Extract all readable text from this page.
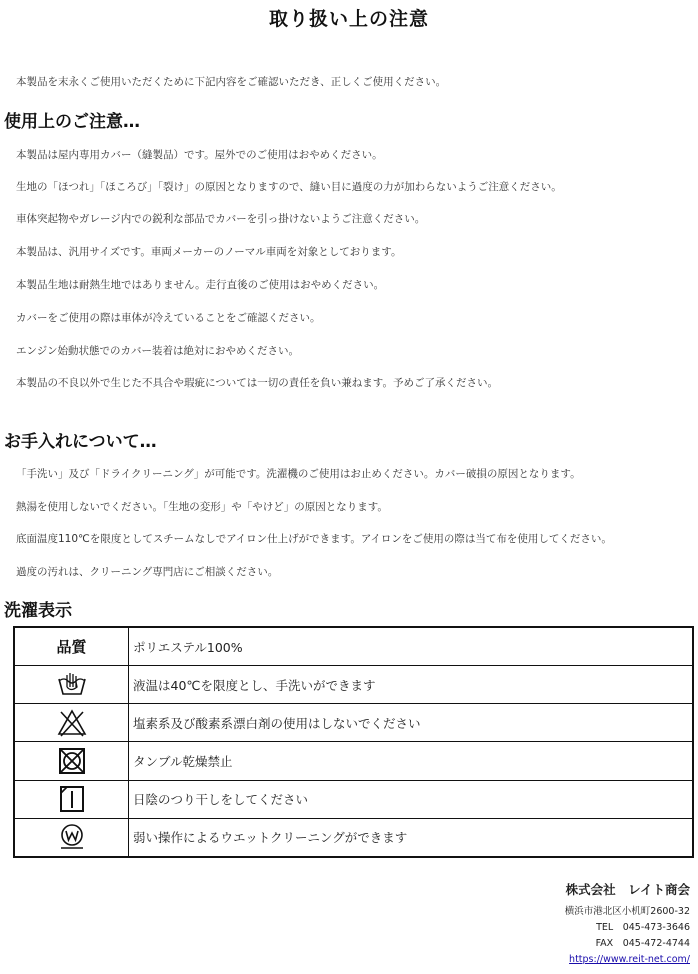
取り扱い上の注意
本製品を末永くご使用いただくために下記内容をご確認いただき、正しくご使用ください。
使用上のご注意…
本製品は屋内専用カバー（縫製品）です。屋外でのご使用はおやめください。
生地の「ほつれ」「ほころび」「裂け」の原因となりますので、縫い目に過度の力が加わらないようご注意ください。
車体突起物やガレージ内での鋭利な部品でカバーを引っ掛けないようご注意ください。
本製品は、汎用サイズです。車両メーカーのノーマル車両を対象としております。
本製品生地は耐熱生地ではありません。走行直後のご使用はおやめください。
カバーをご使用の際は車体が冷えていることをご確認ください。
エンジン始動状態でのカバー装着は絶対におやめください。
本製品の不良以外で生じた不具合や瑕疵については一切の責任を負い兼ねます。予めご了承ください。
お手入れについて…
「手洗い」及び「ドライクリーニング」が可能です。洗濯機のご使用はお止めください。カバー破損の原因となります。
熱湯を使用しないでください。「生地の変形」や「やけど」の原因となります。
底面温度110℃を限度としてスチームなしでアイロン仕上げができます。アイロンをご使用の際は当て布を使用してください。
過度の汚れは、クリーニング専門店にご相談ください。
洗濯表示
品質	ポリエステル100%

	液温は40℃を限度とし、手洗いができます

	塩素系及び酸素系漂白剤の使用はしないでください

	タンブル乾燥禁止

	日陰のつり干しをしてください

	弱い操作によるウエットクリーニングができます
株式会社　レイト商会
横浜市港北区小机町2600-32
TEL　045-473-3646
FAX　045-472-4744
https://www.reit-net.com/
